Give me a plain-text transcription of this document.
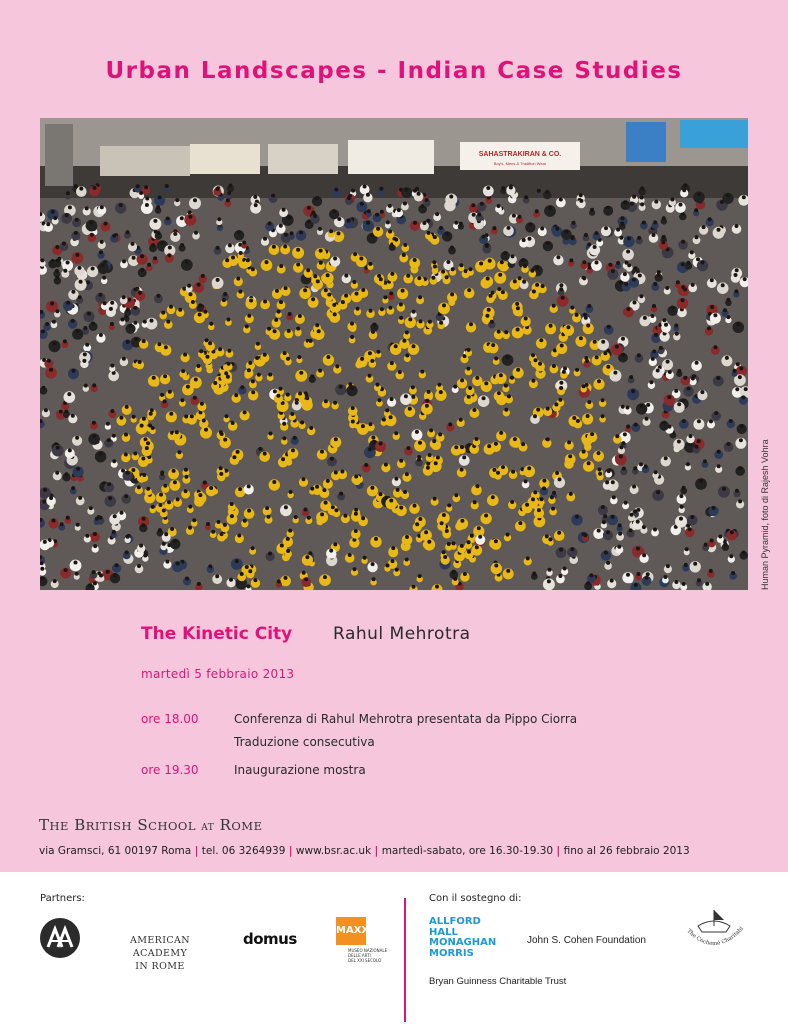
Urban Landscapes - Indian Case Studies
SAHASTRAKIRAN & CO.
Boy's, Mens & Tradition Wear
Human Pyramid, foto di Rajesh Vohra
The Kinetic City Rahul Mehrotra
martedì 5 febbraio 2013
ore 18.00	Conferenza di Rahul Mehrotra presentata da Pippo Ciorra
Traduzione consecutiva
ore 19.30	Inaugurazione mostra
THE BRITISH SCHOOL AT ROME
via Gramsci, 61 00197 Roma | tel. 06 3264939 | www.bsr.ac.uk | martedì-sabato, ore 16.30-19.30 | fino al 26 febbraio 2013
Partners:	Con il sostegno di:
AMERICAN ACADEMY
IN ROME
domus	MAXXI
MUSEO NAZIONALE
DELLE ARTI
DEL XXI SECOLO
ALLFORD
HALL
MONAGHAN
MORRIS
John S. Cohen Foundation
Bryan Guinness Charitable Trust
The Cochemé Charitabl
